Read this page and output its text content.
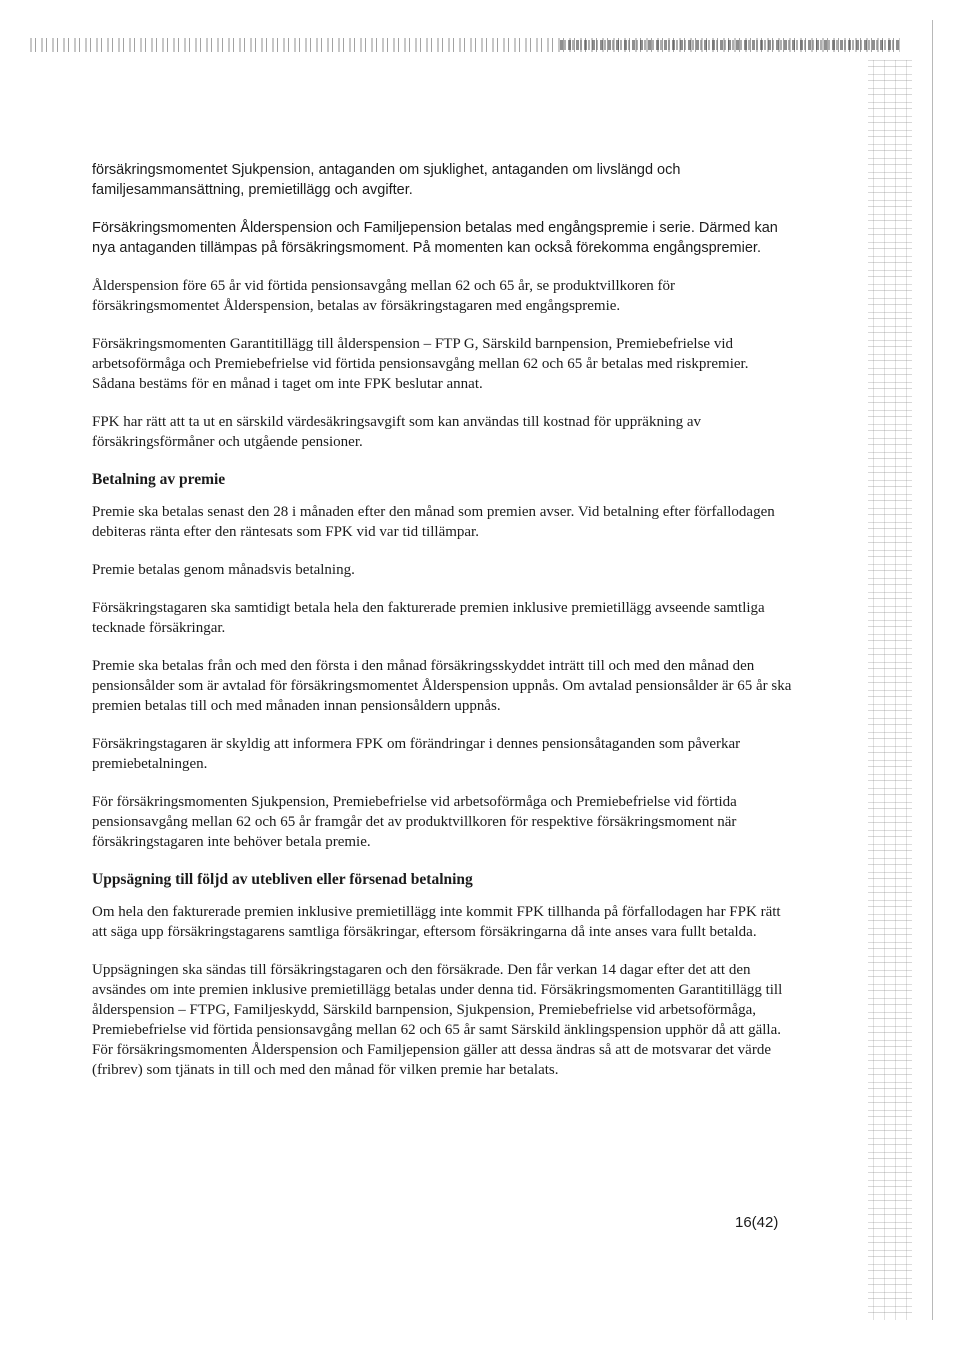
försäkringsmomentet Sjukpension, antaganden om sjuklighet, antaganden om livslängd och familjesammansättning, premietillägg och avgifter.

Försäkringsmomenten Ålderspension och Familjepension betalas med engångspremie i serie. Därmed kan nya antaganden tillämpas på försäkringsmoment. På momenten kan också förekomma engångspremier.

Ålderspension före 65 år vid förtida pensionsavgång mellan 62 och 65 år, se produktvillkoren för försäkringsmomentet Ålderspension, betalas av försäkringstagaren med engångspremie.

Försäkringsmomenten Garantitillägg till ålderspension – FTP G, Särskild barnpension, Premiebefrielse vid arbetsoförmåga och Premiebefrielse vid förtida pensionsavgång mellan 62 och 65 år betalas med riskpremier. Sådana bestäms för en månad i taget om inte FPK beslutar annat.

FPK har rätt att ta ut en särskild värdesäkringsavgift som kan användas till kostnad för uppräkning av försäkringsförmåner och utgående pensioner.

Betalning av premie

Premie ska betalas senast den 28 i månaden efter den månad som premien avser. Vid betalning efter förfallodagen debiteras ränta efter den räntesats som FPK vid var tid tillämpar.

Premie betalas genom månadsvis betalning.

Försäkringstagaren ska samtidigt betala hela den fakturerade premien inklusive premietillägg avseende samtliga tecknade försäkringar.

Premie ska betalas från och med den första i den månad försäkringsskyddet inträtt till och med den månad den pensionsålder som är avtalad för försäkringsmomentet Ålderspension uppnås. Om avtalad pensionsålder är 65 år ska premien betalas till och med månaden innan pensionsåldern uppnås.

Försäkringstagaren är skyldig att informera FPK om förändringar i dennes pensionsåtaganden som påverkar premiebetalningen.

För försäkringsmomenten Sjukpension, Premiebefrielse vid arbetsoförmåga och Premiebefrielse vid förtida pensionsavgång mellan 62 och 65 år framgår det av produktvillkoren för respektive försäkringsmoment när försäkringstagaren inte behöver betala premie.

Uppsägning till följd av utebliven eller försenad betalning

Om hela den fakturerade premien inklusive premietillägg inte kommit FPK tillhanda på förfallodagen har FPK rätt att säga upp försäkringstagarens samtliga försäkringar, eftersom försäkringarna då inte anses vara fullt betalda.

Uppsägningen ska sändas till försäkringstagaren och den försäkrade. Den får verkan 14 dagar efter det att den avsändes om inte premien inklusive premietillägg betalas under denna tid. Försäkringsmomenten Garantitillägg till ålderspension – FTPG, Familjeskydd, Särskild barnpension, Sjukpension, Premiebefrielse vid arbetsoförmåga, Premiebefrielse vid förtida pensionsavgång mellan 62 och 65 år samt Särskild änklingspension upphör då att gälla. För försäkringsmomenten Ålderspension och Familjepension gäller att dessa ändras så att de motsvarar det värde (fribrev) som tjänats in till och med den månad för vilken premie har betalats.

16(42)
